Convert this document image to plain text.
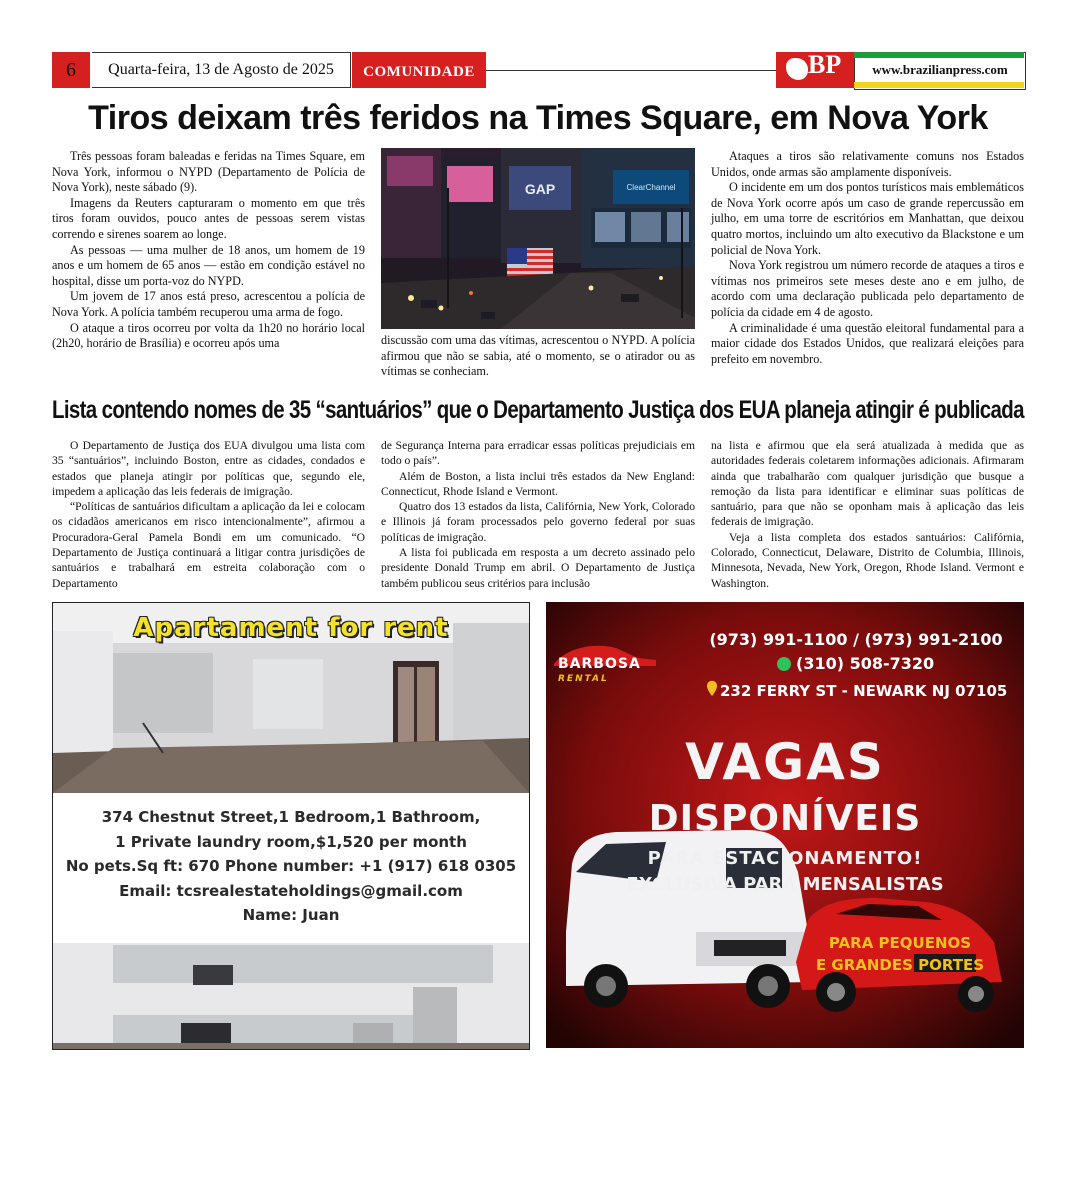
6	Quarta-feira, 13 de Agosto de 2025	COMUNIDADE	BP	www.brazilianpress.com
Tiros deixam três feridos na Times Square, em Nova York

Três pessoas foram baleadas e feridas na Times Square, em Nova York, informou o NYPD (Departamento de Polícia de Nova York), neste sábado (9).

Imagens da Reuters capturaram o momento em que três tiros foram ouvidos, pouco antes de pessoas serem vistas correndo e sirenes soarem ao longe.

As pessoas — uma mulher de 18 anos, um homem de 19 anos e um homem de 65 anos — estão em condição estável no hospital, disse um porta-voz do NYPD.

Um jovem de 17 anos está preso, acrescentou a polícia de Nova York. A polícia também recuperou uma arma de fogo.

O ataque a tiros ocorreu por volta da 1h20 no horário local (2h20, horário de Brasília) e ocorreu após uma

GAP	ClearChannel

discussão com uma das vítimas, acrescentou o NYPD. A polícia afirmou que não se sabia, até o momento, se o atirador ou as vítimas se conheciam.

Ataques a tiros são relativamente comuns nos Estados Unidos, onde armas são amplamente disponíveis.

O incidente em um dos pontos turísticos mais emblemáticos de Nova York ocorre após um caso de grande repercussão em julho, em uma torre de escritórios em Manhattan, que deixou quatro mortos, incluindo um alto executivo da Blackstone e um policial de Nova York.

Nova York registrou um número recorde de ataques a tiros e vítimas nos primeiros sete meses deste ano e em julho, de acordo com uma declaração publicada pelo departamento de polícia da cidade em 4 de agosto.

A criminalidade é uma questão eleitoral fundamental para a maior cidade dos Estados Unidos, que realizará eleições para prefeito em novembro.

Lista contendo nomes de 35 “santuários” que o Departamento Justiça dos EUA planeja atingir é publicada

O Departamento de Justiça dos EUA divulgou uma lista com 35 “santuários”, incluindo Boston, entre as cidades, condados e estados que planeja atingir por políticas que, segundo ele, impedem a aplicação das leis federais de imigração.

“Políticas de santuários dificultam a aplicação da lei e colocam os cidadãos americanos em risco intencionalmente”, afirmou a Procuradora-Geral Pamela Bondi em um comunicado. “O Departamento de Justiça continuará a litigar contra jurisdições de santuários e trabalhará em estreita colaboração com o Departamento

de Segurança Interna para erradicar essas políticas prejudiciais em todo o país”.

Além de Boston, a lista inclui três estados da New England: Connecticut, Rhode Island e Vermont.

Quatro dos 13 estados da lista, Califórnia, New York, Colorado e Illinois já foram processados pelo governo federal por suas políticas de imigração.

A lista foi publicada em resposta a um decreto assinado pelo presidente Donald Trump em abril. O Departamento de Justiça também publicou seus critérios para inclusão

na lista e afirmou que ela será atualizada à medida que as autoridades federais coletarem informações adicionais. Afirmaram ainda que trabalharão com qualquer jurisdição que busque a remoção da lista para identificar e eliminar suas políticas de santuário, para que não se oponham mais à aplicação das leis federais de imigração.

Veja a lista completa dos estados santuários: Califórnia, Colorado, Connecticut, Delaware, Distrito de Columbia, Illinois, Minnesota, Nevada, New York, Oregon, Rhode Island. Vermont e Washington.

Apartament for rent
374 Chestnut Street,1 Bedroom,1 Bathroom,
1 Private laundry room,$1,520 per month
No pets.Sq ft: 670 Phone number: +1 (917) 618 0305
Email: tcsrealestateholdings@gmail.com
Name: Juan
BARBOSA
RENTAL
(973) 991-1100 / (973) 991-2100
(310) 508-7320
232 FERRY ST - NEWARK NJ 07105
VAGAS
DISPONÍVEIS
PARA ESTACIONAMENTO!
EXCLUSIVA PARA MENSALISTAS
PARA PEQUENOS
E GRANDES PORTES
